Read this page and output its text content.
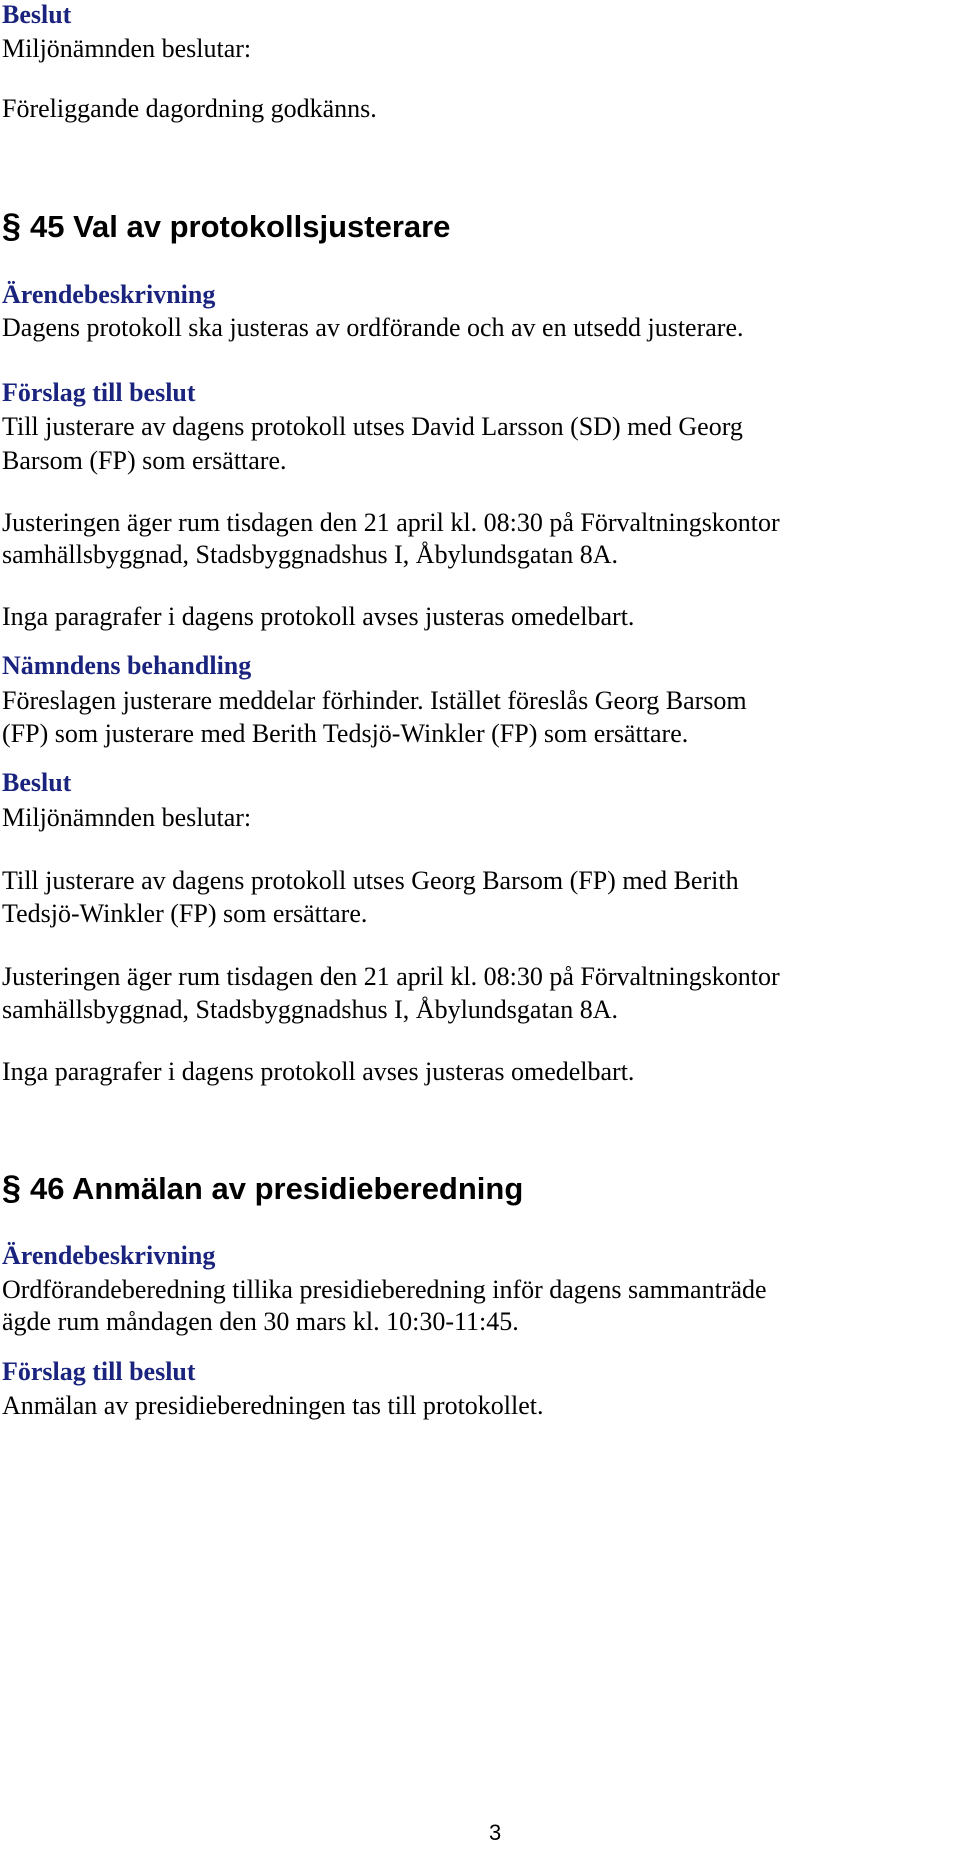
Beslut
Miljönämnden beslutar:
Föreliggande dagordning godkänns.
§ 45 Val av protokollsjusterare
Ärendebeskrivning
Dagens protokoll ska justeras av ordförande och av en utsedd justerare.
Förslag till beslut
Till justerare av dagens protokoll utses David Larsson (SD) med Georg
Barsom (FP) som ersättare.
Justeringen äger rum tisdagen den 21 april kl. 08:30 på Förvaltningskontor
samhällsbyggnad, Stadsbyggnadshus I, Åbylundsgatan 8A.
Inga paragrafer i dagens protokoll avses justeras omedelbart.
Nämndens behandling
Föreslagen justerare meddelar förhinder. Istället föreslås Georg Barsom
(FP) som justerare med Berith Tedsjö-Winkler (FP) som ersättare.
Beslut
Miljönämnden beslutar:
Till justerare av dagens protokoll utses Georg Barsom (FP) med Berith
Tedsjö-Winkler (FP) som ersättare.
Justeringen äger rum tisdagen den 21 april kl. 08:30 på Förvaltningskontor
samhällsbyggnad, Stadsbyggnadshus I, Åbylundsgatan 8A.
Inga paragrafer i dagens protokoll avses justeras omedelbart.
§ 46 Anmälan av presidieberedning
Ärendebeskrivning
Ordförandeberedning tillika presidieberedning inför dagens sammanträde
ägde rum måndagen den 30 mars kl. 10:30-11:45.
Förslag till beslut
Anmälan av presidieberedningen tas till protokollet.
3
